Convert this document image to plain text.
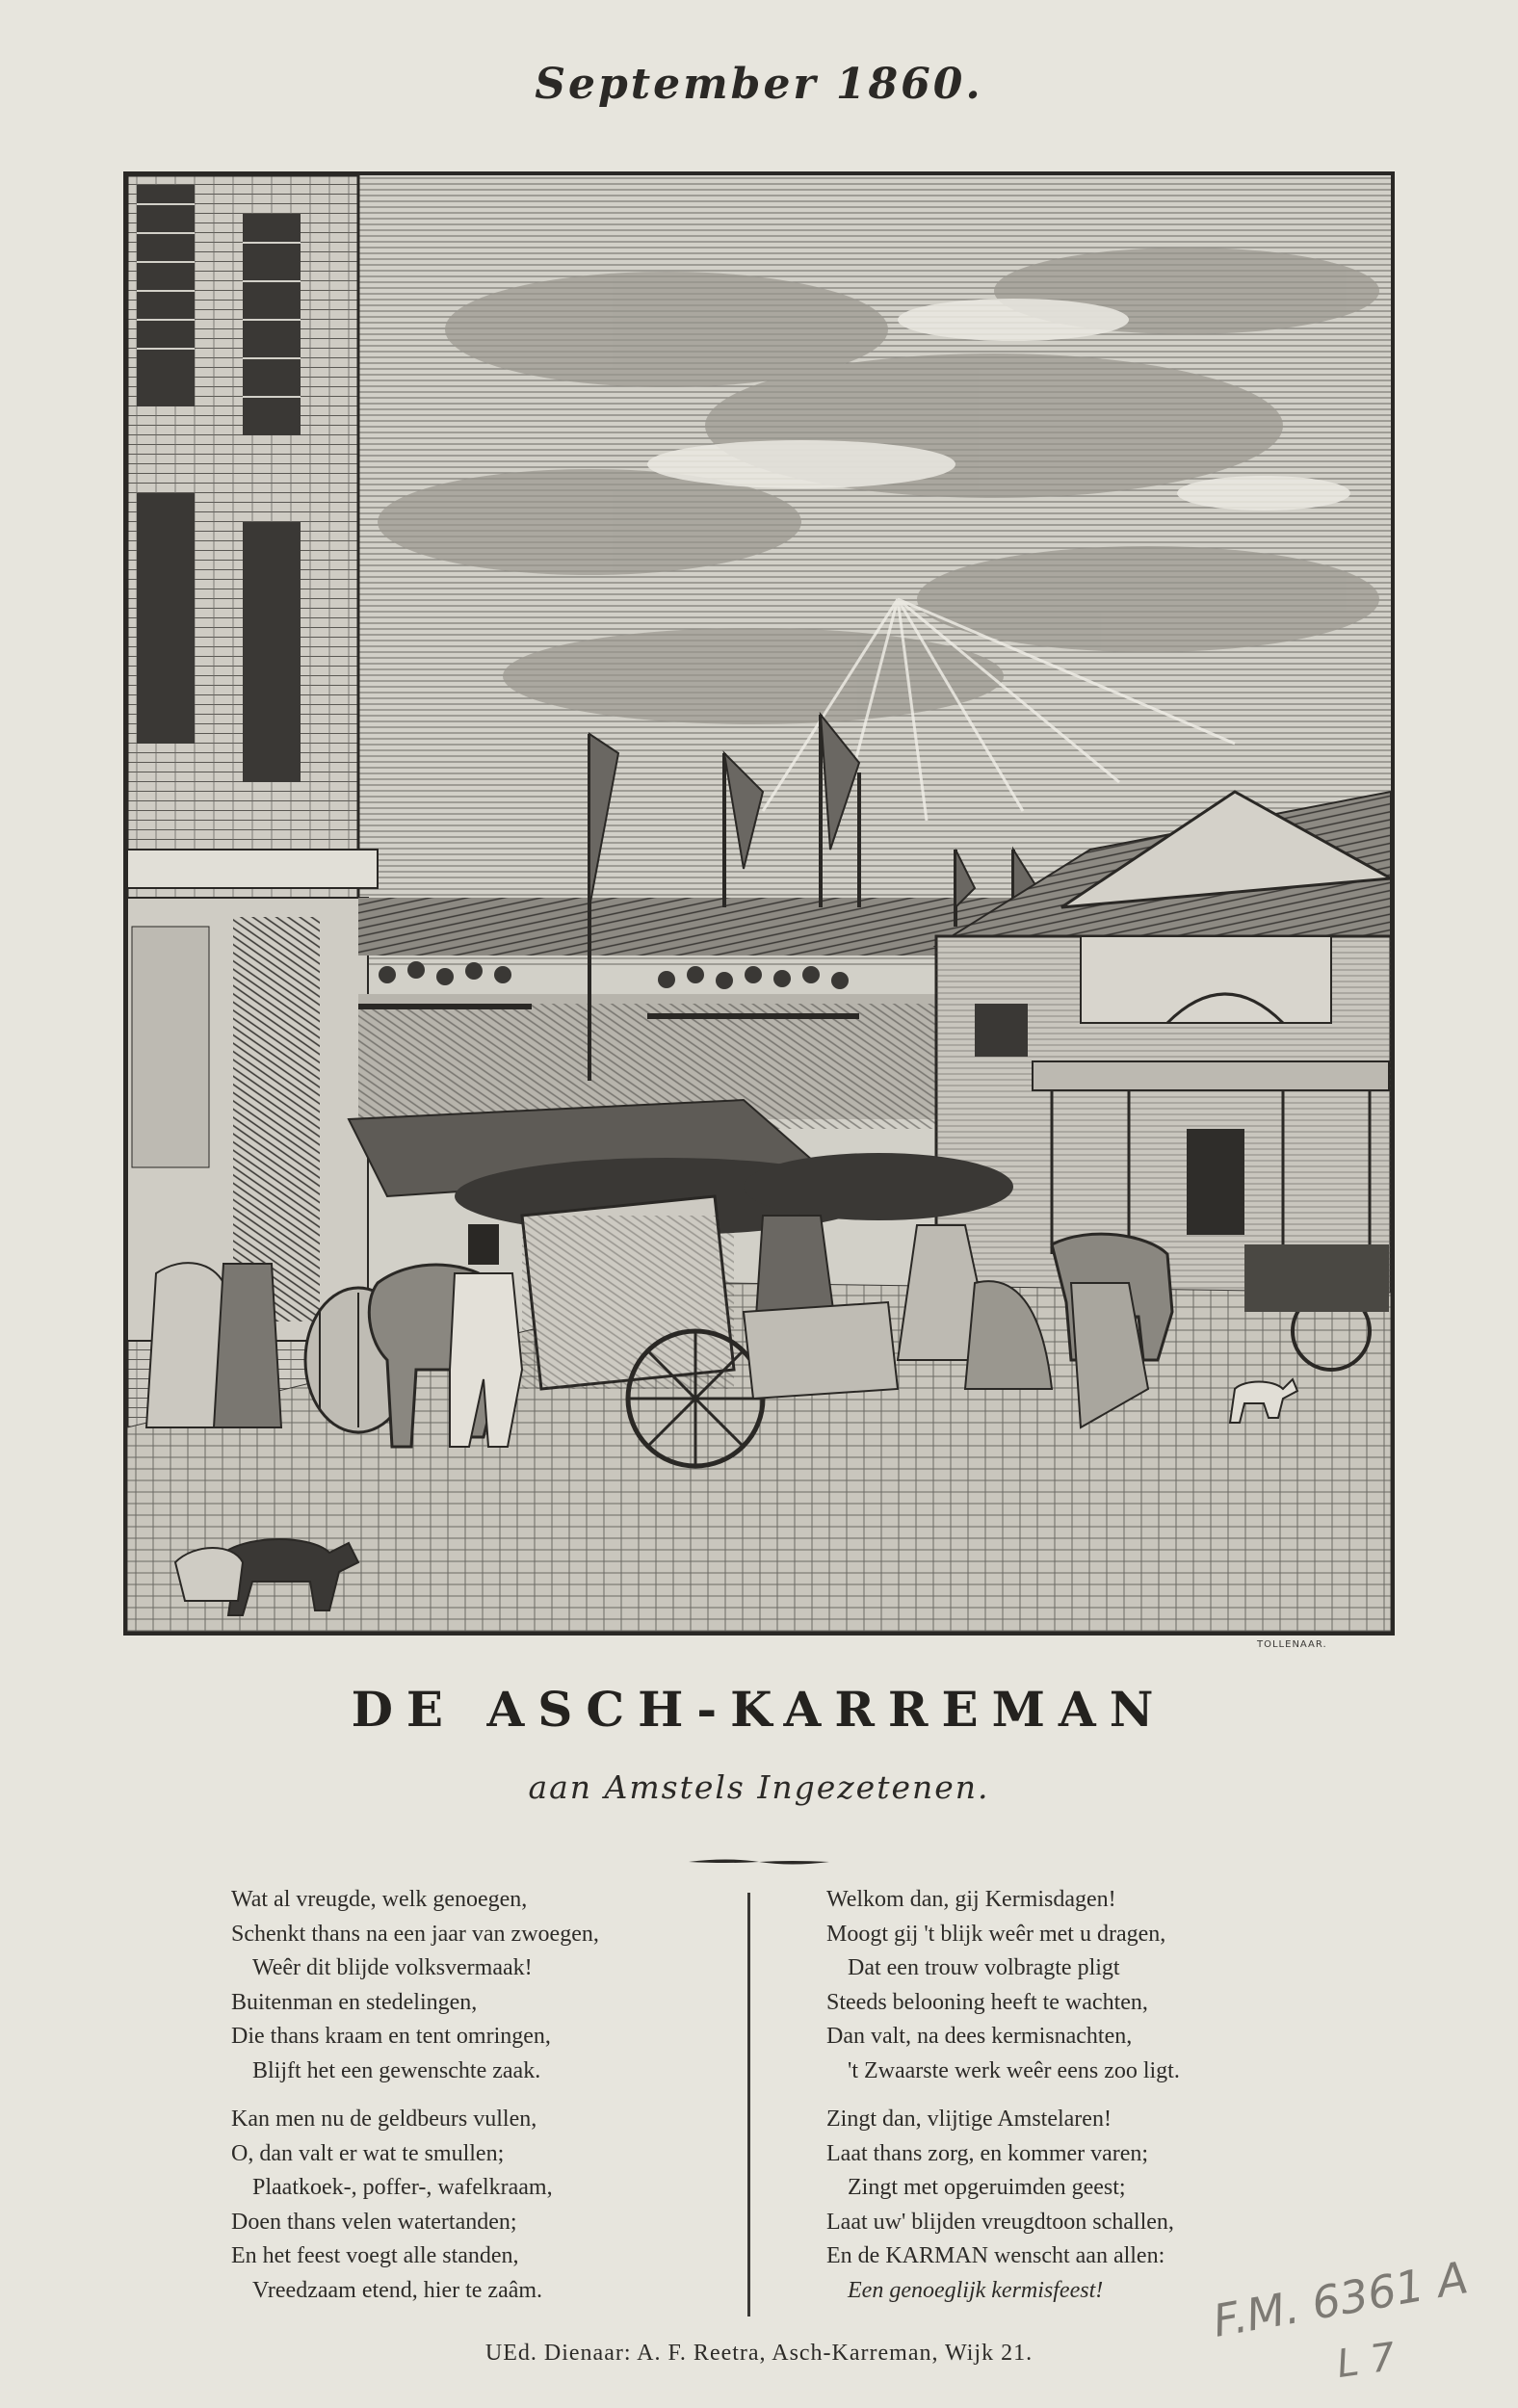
September 1860.
TOLLENAAR.
DE ASCH-KARREMAN
aan Amstels Ingezetenen.
Wat al vreugde, welk genoegen,
Schenkt thans na een jaar van zwoegen,
Weêr dit blijde volksvermaak!
Buitenman en stedelingen,
Die thans kraam en tent omringen,
Blijft het een gewenschte zaak.
Kan men nu de geldbeurs vullen,
O, dan valt er wat te smullen;
Plaatkoek-, poffer-, wafelkraam,
Doen thans velen watertanden;
En het feest voegt alle standen,
Vreedzaam etend, hier te zaâm.
Welkom dan, gij Kermisdagen!
Moogt gij 't blijk weêr met u dragen,
Dat een trouw volbragte pligt
Steeds belooning heeft te wachten,
Dan valt, na dees kermisnachten,
't Zwaarste werk weêr eens zoo ligt.
Zingt dan, vlijtige Amstelaren!
Laat thans zorg, en kommer varen;
Zingt met opgeruimden geest;
Laat uw' blijden vreugdtoon schallen,
En de KARMAN wenscht aan allen:
Een genoeglijk kermisfeest!
UEd. Dienaar: A. F. Reetra, Asch-Karreman, Wijk 21.
F.M. 6361 A
L 7
